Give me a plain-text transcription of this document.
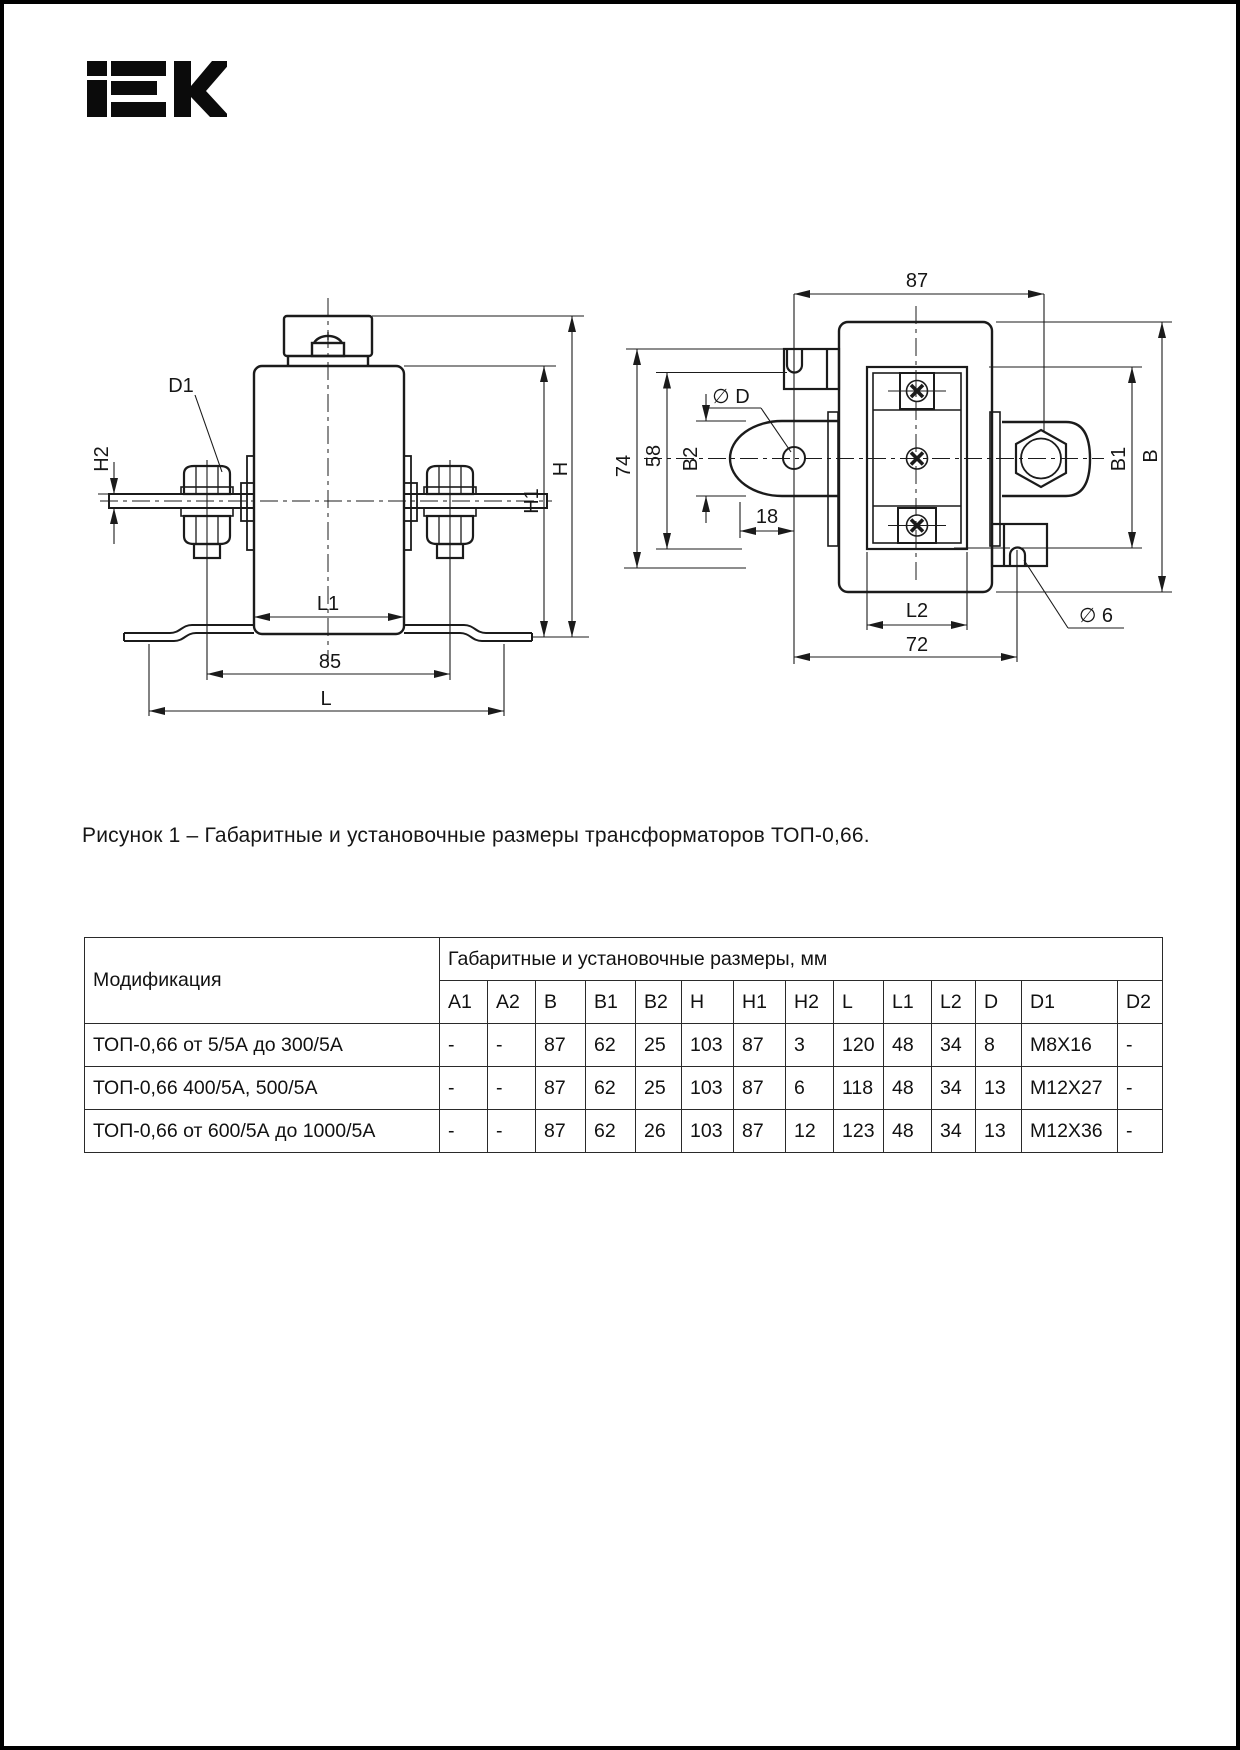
D1
H2
L1
85
L
H1
H
87
74 58 B2
∅ D
18
L2
72
∅ 6
B1 B
Рисунок 1 – Габаритные и установочные размеры трансформаторов ТОП-0,66.
Модификация	Габаритные и установочные размеры, мм													
	A1	A2	B	B1	B2	H	H1	H2	L	L1	L2	D	D1	D2
ТОП-0,66 от 5/5А до 300/5А	-	-	87	62	25	103	87	3	120	48	34	8	M8X16	-
ТОП-0,66 400/5А, 500/5А	-	-	87	62	25	103	87	6	118	48	34	13	M12X27	-
ТОП-0,66 от 600/5А до 1000/5А	-	-	87	62	26	103	87	12	123	48	34	13	M12X36	-
